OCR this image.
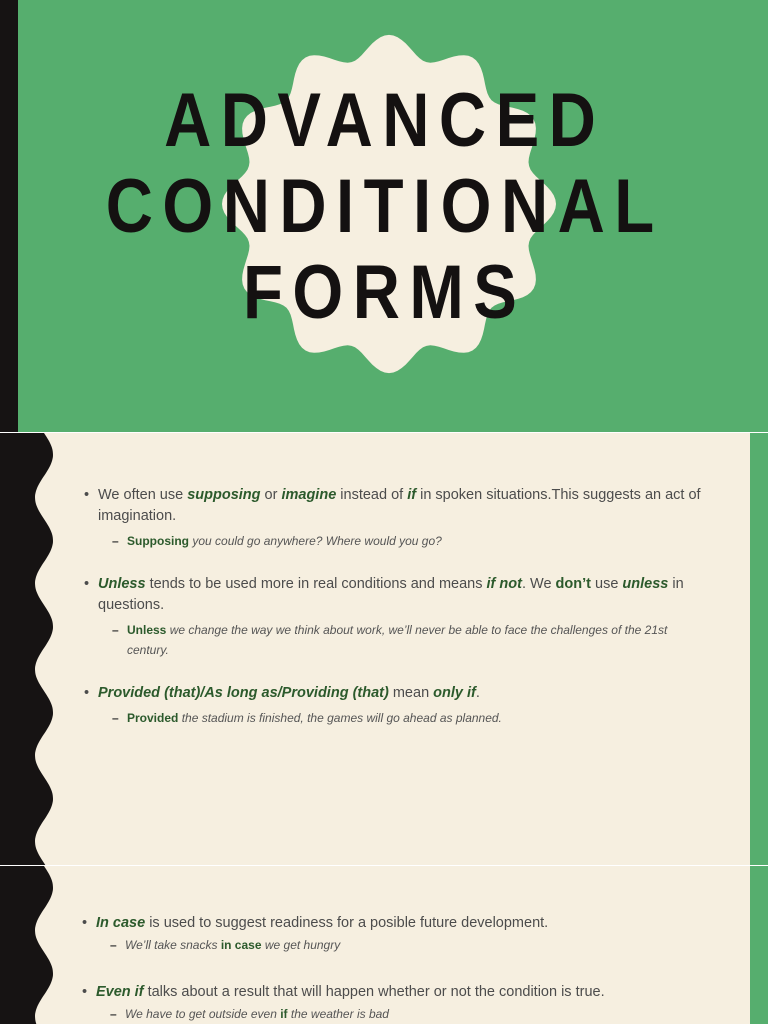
ADVANCED
CONDITIONAL
FORMS
• We often use supposing or imagine instead of if in spoken situations.This suggests an act of imagination.
– Supposing you could go anywhere? Where would you go?
• Unless tends to be used more in real conditions and means if not. We don’t use unless in questions.
– Unless we change the way we think about work, we’ll never be able to face the challenges of the 21st century.
• Provided (that)/As long as/Providing (that) mean only if.
– Provided the stadium is finished, the games will go ahead as planned.
• In case is used to suggest readiness for a posible future development.
– We’ll take snacks in case we get hungry
• Even if talks about a result that will happen whether or not the condition is true.
– We have to get outside even if the weather is bad
